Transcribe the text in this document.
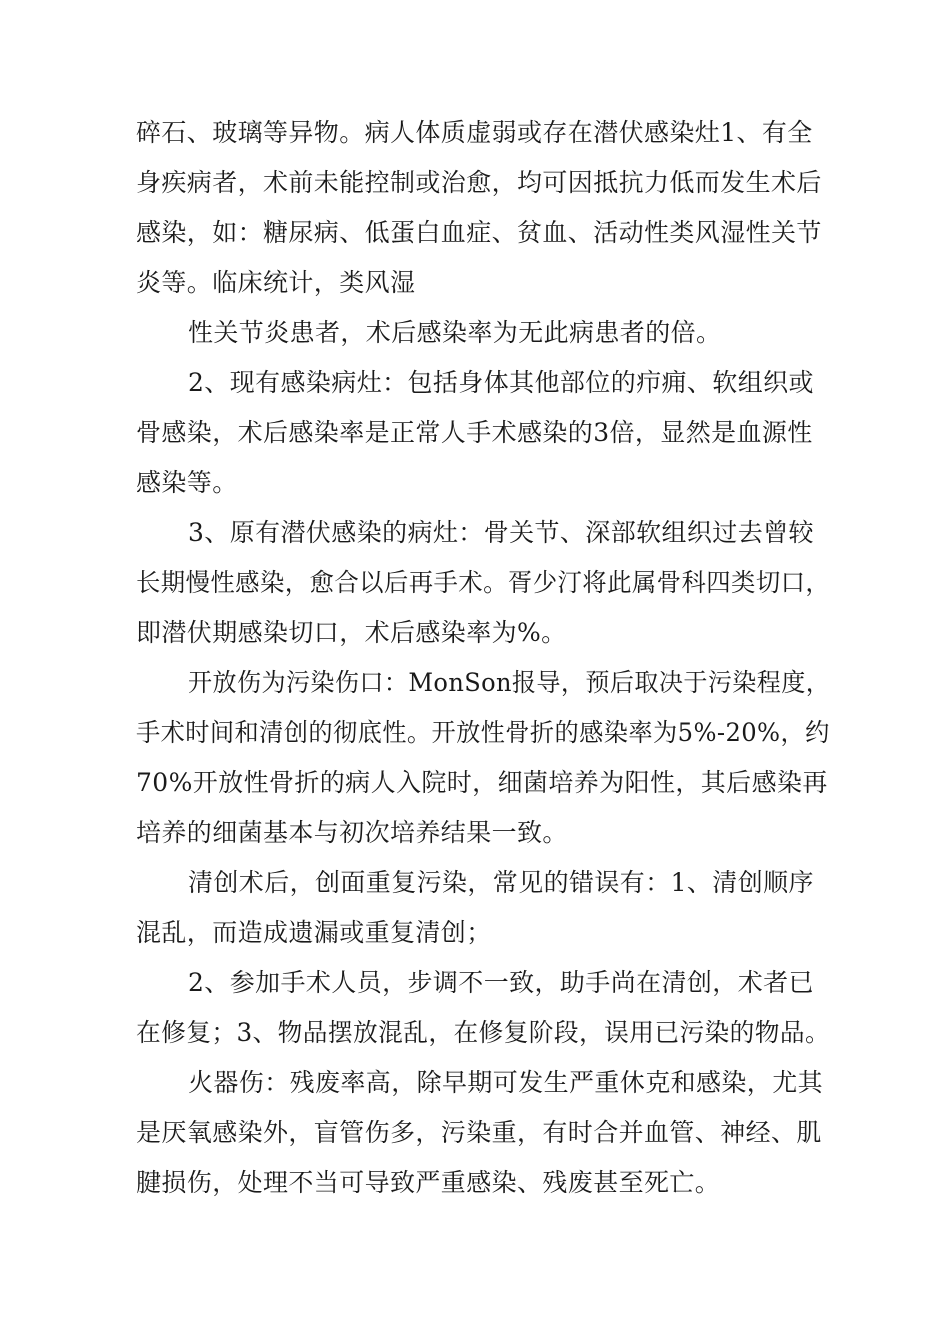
碎石、玻璃等异物。病人体质虚弱或存在潜伏感染灶1、有全

身疾病者，术前未能控制或治愈，均可因抵抗力低而发生术后

感染，如：糖尿病、低蛋白血症、贫血、活动性类风湿性关节

炎等。临床统计，类风湿

性关节炎患者，术后感染率为无此病患者的倍。

2、现有感染病灶：包括身体其他部位的疖痈、软组织或

骨感染，术后感染率是正常人手术感染的3倍，显然是血源性

感染等。

3、原有潜伏感染的病灶：骨关节、深部软组织过去曾较

长期慢性感染，愈合以后再手术。胥少汀将此属骨科四类切口，

即潜伏期感染切口，术后感染率为%。

开放伤为污染伤口：MonSon报导，预后取决于污染程度，

手术时间和清创的彻底性。开放性骨折的感染率为5%-20%，约

70%开放性骨折的病人入院时，细菌培养为阳性，其后感染再

培养的细菌基本与初次培养结果一致。

清创术后，创面重复污染，常见的错误有：1、清创顺序

混乱，而造成遗漏或重复清创；

2、参加手术人员，步调不一致，助手尚在清创，术者已

在修复；3、物品摆放混乱，在修复阶段，误用已污染的物品。

火器伤：残废率高，除早期可发生严重休克和感染，尤其

是厌氧感染外，盲管伤多，污染重，有时合并血管、神经、肌

腱损伤，处理不当可导致严重感染、残废甚至死亡。
